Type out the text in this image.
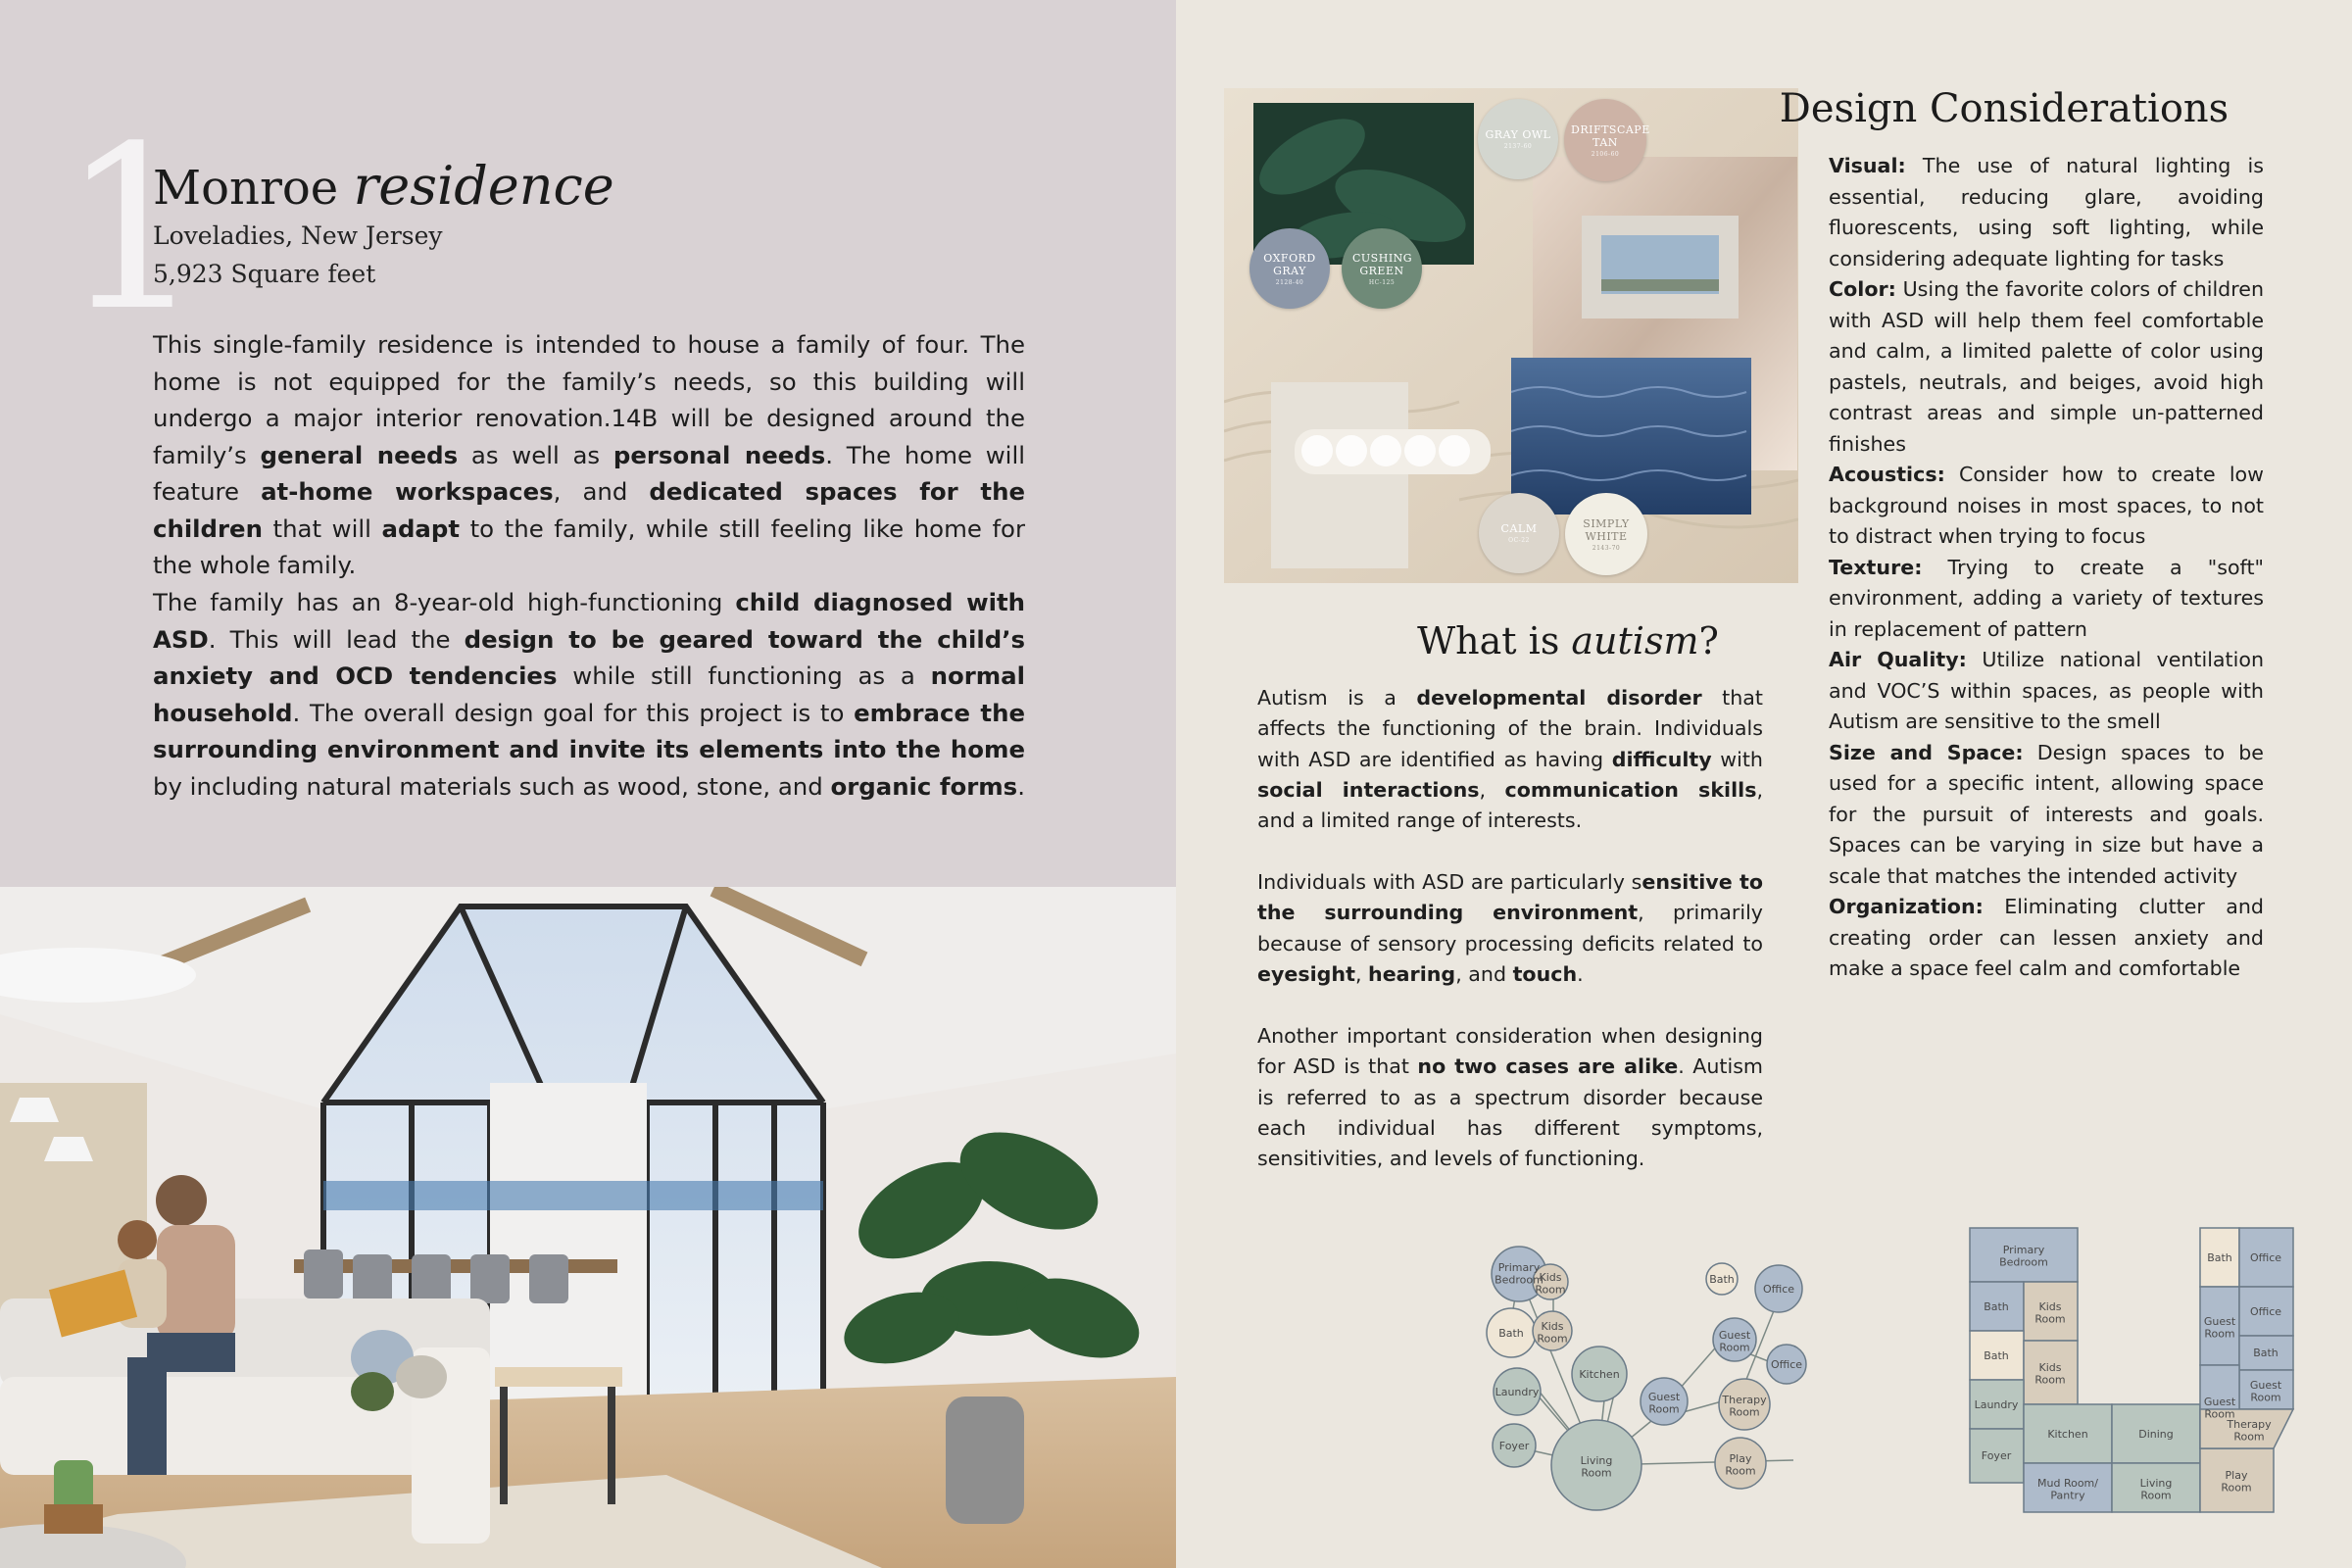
1
Monroe residence
Loveladies, New Jersey
5,923 Square feet

This single-family residence is intended to house a family of four. The home is not equipped for the family’s needs, so this building will undergo a major interior renovation.14B will be designed around the family’s general needs as well as personal needs. The home will feature at-home workspaces, and dedicated spaces for the children that will adapt to the family, while still feeling like home for the whole family.

The family has an 8-year-old high-functioning child diagnosed with ASD. This will lead the design to be geared toward the child’s anxiety and OCD tendencies while still functioning as a normal household. The overall design goal for this project is to embrace the surrounding environment and invite its elements into the home by including natural materials such as wood, stone, and organic forms.

GRAY OWL
2137-60
DRIFTSCAPE TAN
2106-60
OXFORD GRAY
2128-40
CUSHING GREEN
HC-125
CALM
OC-22
SIMPLY WHITE
2143-70
What is autism?

Autism is a developmental disorder that affects the functioning of the brain. Individuals with ASD are identified as having difficulty with social interactions, communication skills, and a limited range of interests.

Individuals with ASD are particularly sensitive to the surrounding environment, primarily because of sensory processing deficits related to eyesight, hearing, and touch.

Another important consideration when designing for ASD is that no two cases are alike. Autism is referred to as a spectrum disorder because each individual has different symptoms, sensitivities, and levels of functioning.

Design Considerations

Visual: The use of natural lighting is essential, reducing glare, avoiding fluorescents, using soft lighting, while considering adequate lighting for tasks

Color: Using the favorite colors of children with ASD will help them feel comfortable and calm, a limited palette of color using pastels, neutrals, and beiges, avoid high contrast areas and simple un-patterned finishes

Acoustics: Consider how to create low background noises in most spaces, to not to distract when trying to focus

Texture: Trying to create a "soft" environment, adding a variety of textures in replacement of pattern

Air Quality: Utilize national ventilation and VOC’S within spaces, as people with Autism are sensitive to the smell

Size and Space: Design spaces to be used for a specific intent, allowing space for the pursuit of interests and goals. Spaces can be varying in size but have a scale that matches the intended activity

Organization: Eliminating clutter and creating order can lessen anxiety and make a space feel calm and comfortable

Primary Bedroom
Kids Room
Bath
Kids Room
Laundry
Kitchen
Foyer
Living Room
Bath
Office
Guest Room
Office
Guest Room
Therapy Room
Play Room
Primary Bedroom
Bath	Kids Room
Bath
Kids Room
Laundry
Foyer
Kitchen	Dining
Mud Room/ Pantry
Living Room
Play Room
Bath Office
Guest Room
Office
Bath
Guest Room
Guest Room
Therapy Room
